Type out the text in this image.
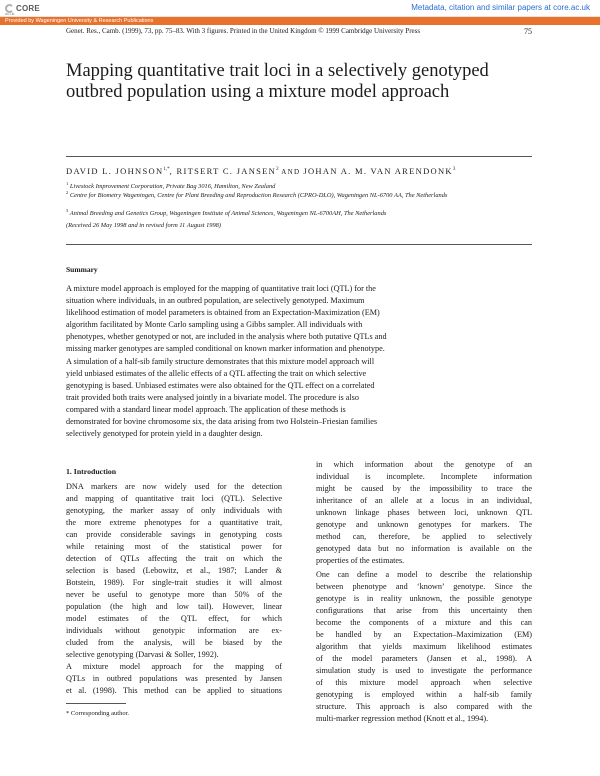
CORE
ac.uk
Metadata, citation and similar papers at core.ac.uk
Provided by Wageningen University & Research Publications
Genet. Res., Camb. (1999), 73, pp. 75–83. With 3 figures. Printed in the United Kingdom © 1999 Cambridge University Press	75
Mapping quantitative trait loci in a selectively genotyped
outbred population using a mixture model approach
DAVID L. $JOHNSON^{1,*}$, RITSERT C. JANSEN$^2$ AND JOHAN A. M. VAN ARENDONK$^3$
$^1$ Livestock Improvement Corporation, Private Bag 3016, Hamilton, New Zealand
$^2$ Centre for Biometry Wageningen, Centre for Plant Breeding and Reproduction Research (CPRO-DLO), Wageningen NL-6700 AA, The Netherlands
$^3$ Animal Breeding and Genetics Group, Wageningen Institute of Animal Sciences, Wageningen NL-6700AH, The Netherlands
(Received 26 May 1998 and in revised form 11 August 1998)
Summary
A mixture model approach is employed for the mapping of quantitative trait loci (QTL) for the
situation where individuals, in an outbred population, are selectively genotyped. Maximum
likelihood estimation of model parameters is obtained from an Expectation-Maximization (EM)
algorithm facilitated by Monte Carlo sampling using a Gibbs sampler. All individuals with
phenotypes, whether genotyped or not, are included in the analysis where both putative QTLs and
missing marker genotypes are sampled conditional on known marker information and phenotype.
A simulation of a half-sib family structure demonstrates that this mixture model approach will
yield unbiased estimates of the allelic effects of a QTL affecting the trait on which selective
genotyping is based. Unbiased estimates were also obtained for the QTL effect on a correlated
trait provided both traits were analysed jointly in a bivariate model. The procedure is also
compared with a standard linear model approach. The application of these methods is
demonstrated for bovine chromosome six, the data arising from two Holstein–Friesian families
selectively genotyped for protein yield in a daughter design.
1. Introduction
DNA markers are now widely used for the detection
and mapping of quantitative trait loci (QTL). Selective
genotyping, the marker assay of only individuals with
the more extreme phenotypes for a quantitative trait,
can provide considerable savings in genotyping costs
while retaining most of the statistical power for
detection of QTLs affecting the trait on which the
selection is based (Lebowitz, et al., 1987; Lander &
Botstein, 1989). For single-trait studies it will almost
never be useful to genotype more than 50% of the
population (the high and low tail). However, linear
model estimates of the QTL effect, for which
individuals without genotypic information are ex-
cluded from the analysis, will be biased by the
selective genotyping (Darvasi & Soller, 1992).
A mixture model approach for the mapping of
QTLs in outbred populations was presented by Jansen
et al. (1998). This method can be applied to situations
in which information about the genotype of an
individual is incomplete. Incomplete information
might be caused by the impossibility to trace the
inheritance of an allele at a locus in an individual,
unknown linkage phases between loci, unknown QTL
genotype and unknown genotypes for markers. The
method can, therefore, be applied to selectively
genotyped data but no information is available on the
properties of the estimates.
One can define a model to describe the relationship
between phenotype and ‘known’ genotype. Since the
genotype is in reality unknown, the possible genotype
configurations that arise from this uncertainty then
become the components of a mixture and this can
be handled by an Expectation–Maximization (EM)
algorithm that yields maximum likelihood estimates
of the model parameters (Jansen et al., 1998). A
simulation study is used to investigate the performance
of this mixture model approach when selective
genotyping is employed within a half-sib family
structure. This approach is also compared with the
multi-marker regression method (Knott et al., 1994).
* Corresponding author.
